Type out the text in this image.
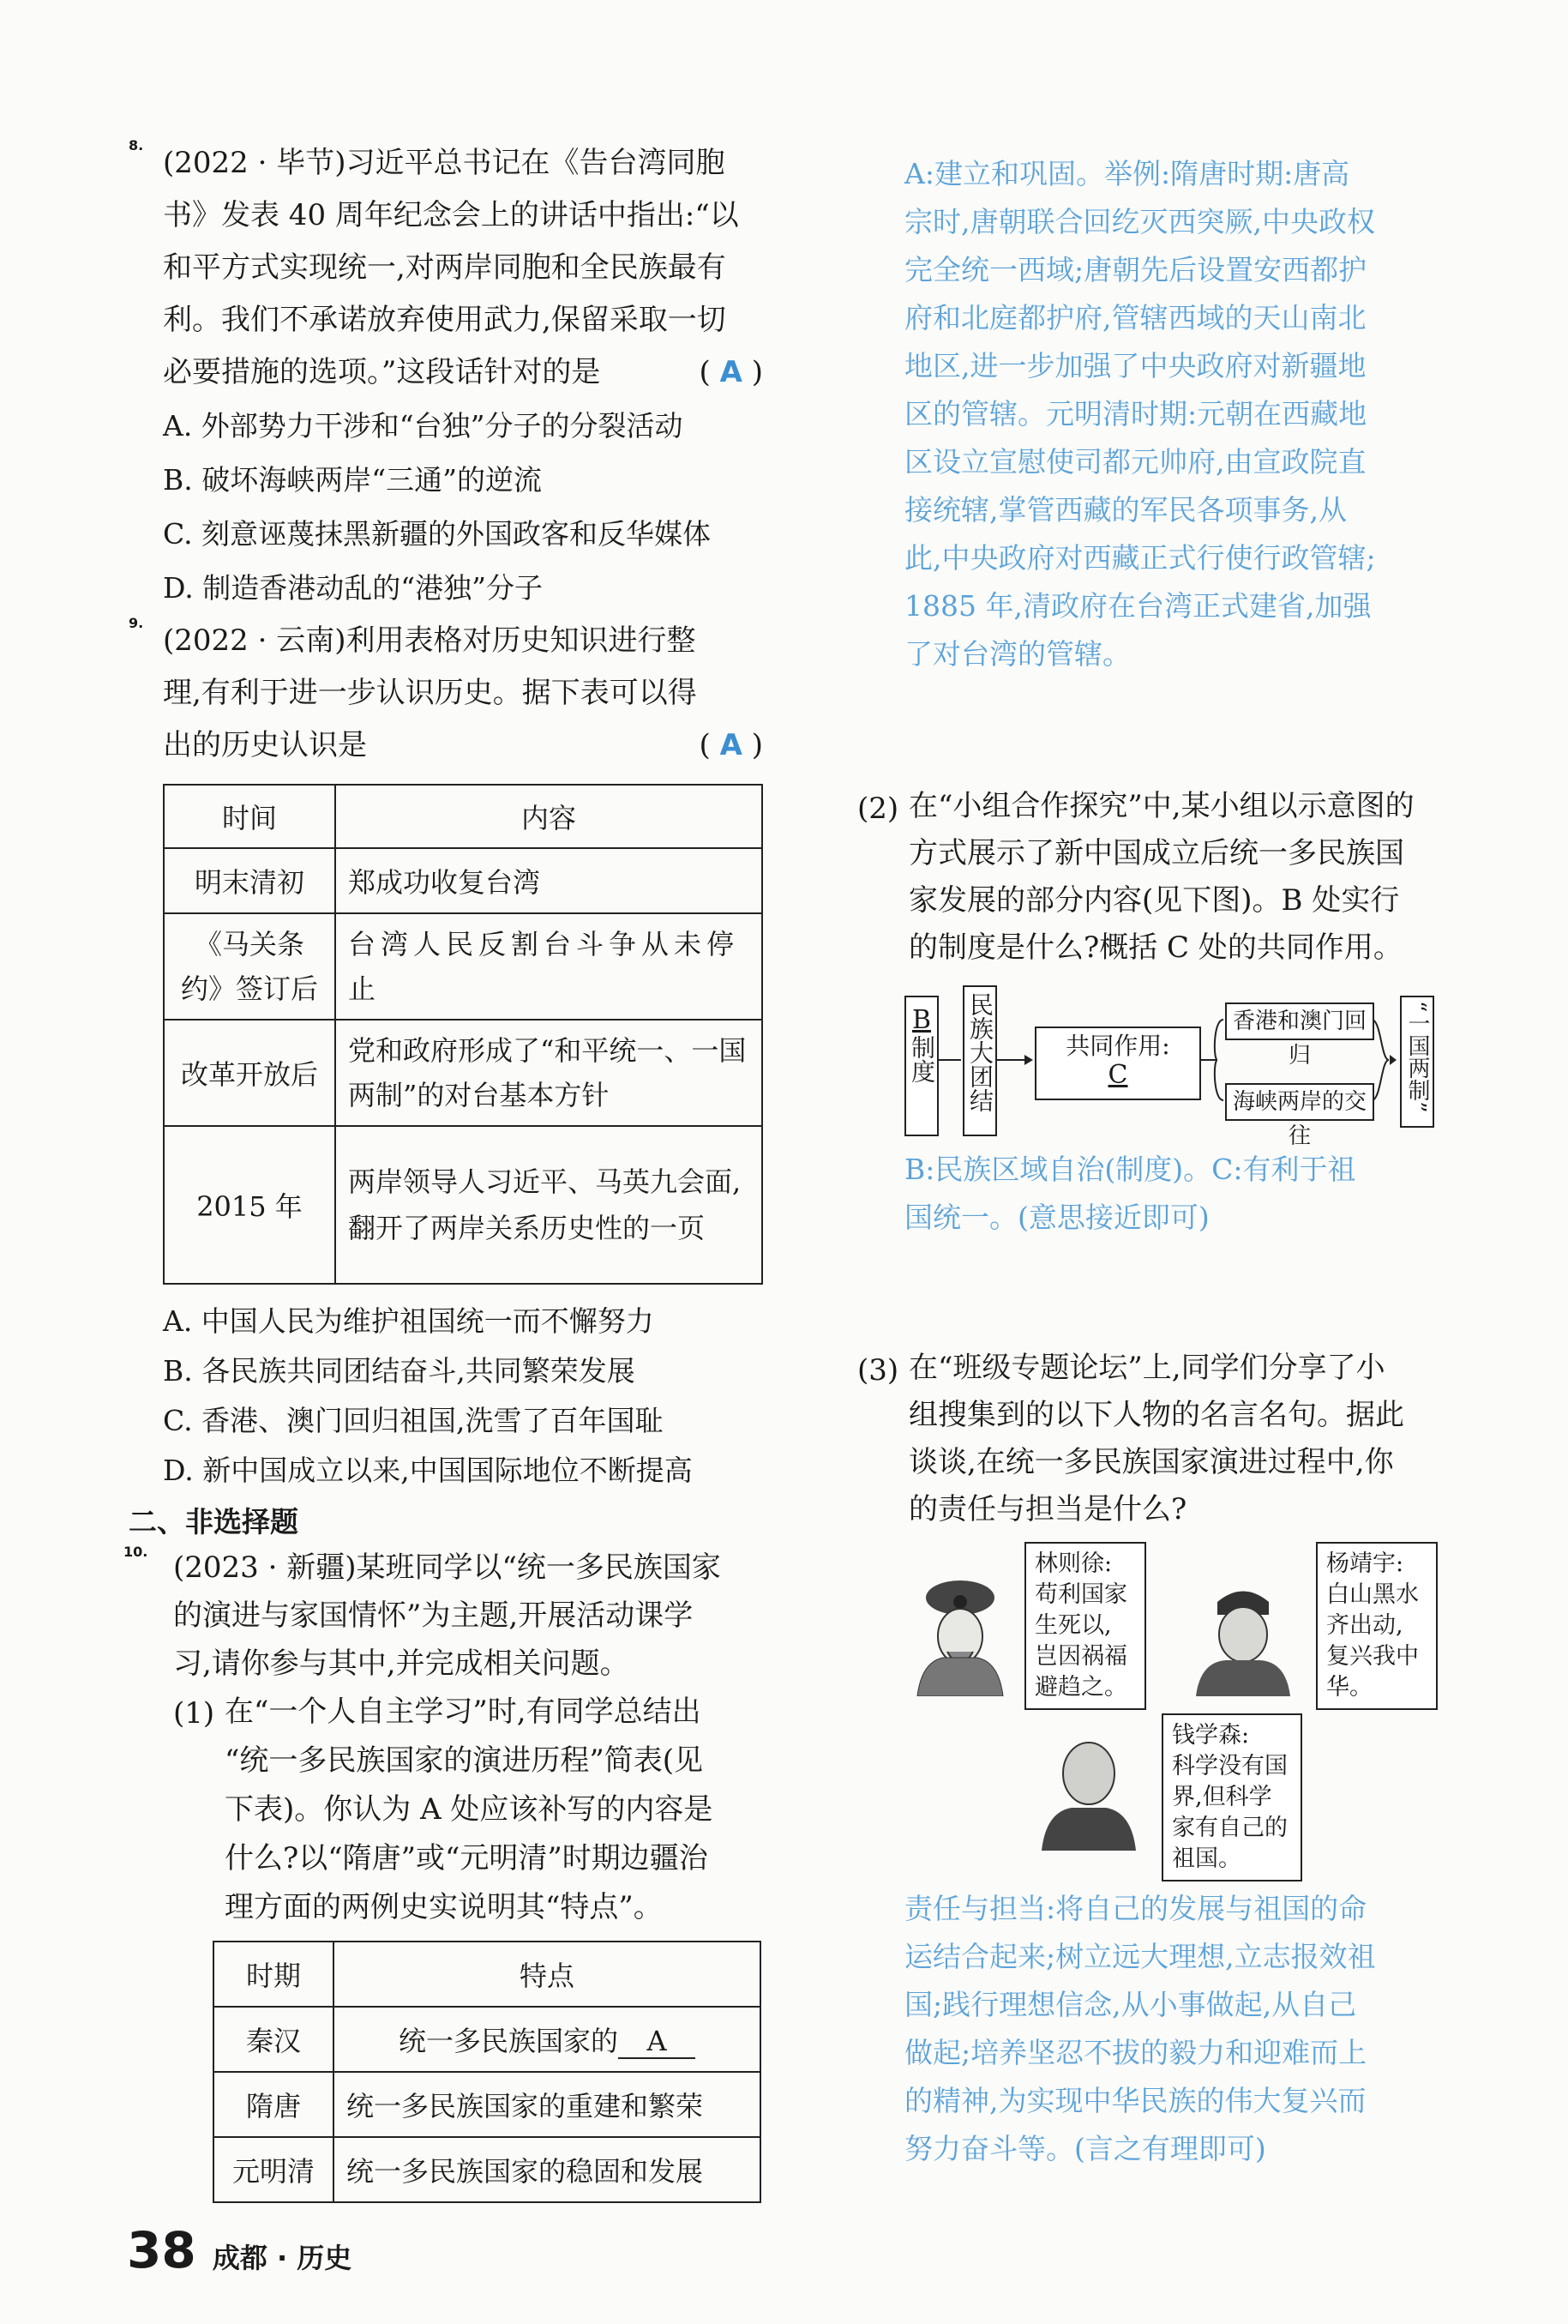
8.

(2022 · 毕节)习近平总书记在《告台湾同胞

书》发表 40 周年纪念会上的讲话中指出:“以

和平方式实现统一,对两岸同胞和全民族最有

利。我们不承诺放弃使用武力,保留采取一切

必要措施的选项。”这段话针对的是	( A )

A. 外部势力干涉和“台独”分子的分裂活动

B. 破坏海峡两岸“三通”的逆流

C. 刻意诬蔑抹黑新疆的外国政客和反华媒体

D. 制造香港动乱的“港独”分子

9.

(2022 · 云南)利用表格对历史知识进行整

理,有利于进一步认识历史。据下表可以得

出的历史认识是	( A )

时间	内容
明末清初	郑成功收复台湾
《马关条约》签订后	台湾人民反割台斗争从未停止
改革开放后	党和政府形成了“和平统一、一国两制”的对台基本方针
2015 年	两岸领导人习近平、马英九会面,翻开了两岸关系历史性的一页

A. 中国人民为维护祖国统一而不懈努力

B. 各民族共同团结奋斗,共同繁荣发展

C. 香港、澳门回归祖国,洗雪了百年国耻

D. 新中国成立以来,中国国际地位不断提高

二、非选择题

10. (2023 · 新疆)某班同学以“统一多民族国家

的演进与家国情怀”为主题,开展活动课学

习,请你参与其中,并完成相关问题。

(1) 在“一个人自主学习”时,有同学总结出

“统一多民族国家的演进历程”简表(见

下表)。你认为 A 处应该补写的内容是

什么?以“隋唐”或“元明清”时期边疆治

理方面的两例史实说明其“特点”。

时期	特点
秦汉	统一多民族国家的 A
隋唐	统一多民族国家的重建和繁荣
元明清	统一多民族国家的稳固和发展

A:建立和巩固。举例:隋唐时期:唐高

宗时,唐朝联合回纥灭西突厥,中央政权

完全统一西域;唐朝先后设置安西都护

府和北庭都护府,管辖西域的天山南北

地区,进一步加强了中央政府对新疆地

区的管辖。元明清时期:元朝在西藏地

区设立宣慰使司都元帅府,由宣政院直

接统辖,掌管西藏的军民各项事务,从

此,中央政府对西藏正式行使行政管辖;

1885 年,清政府在台湾正式建省,加强

了对台湾的管辖。

(2) 在“小组合作探究”中,某小组以示意图的

方式展示了新中国成立后统一多民族国

家发展的部分内容(见下图)。B 处实行

的制度是什么?概括 C 处的共同作用。

B
制度 民族大团结	共同作用:
C
香港和澳门回归
海峡两岸的交往
“一国两制”

B:民族区域自治(制度)。C:有利于祖

国统一。(意思接近即可)

(3) 在“班级专题论坛”上,同学们分享了小

组搜集到的以下人物的名言名句。据此

谈谈,在统一多民族国家演进过程中,你

的责任与担当是什么?

林则徐:
苟利国家
生死以,
岂因祸福
避趋之。
杨靖宇:
白山黑水
齐出动,
复兴我中
华。
钱学森:
科学没有国
界,但科学
家有自己的
祖国。

责任与担当:将自己的发展与祖国的命

运结合起来;树立远大理想,立志报效祖

国;践行理想信念,从小事做起,从自己

做起;培养坚忍不拔的毅力和迎难而上

的精神,为实现中华民族的伟大复兴而

努力奋斗等。(言之有理即可)

38 成都 · 历史
